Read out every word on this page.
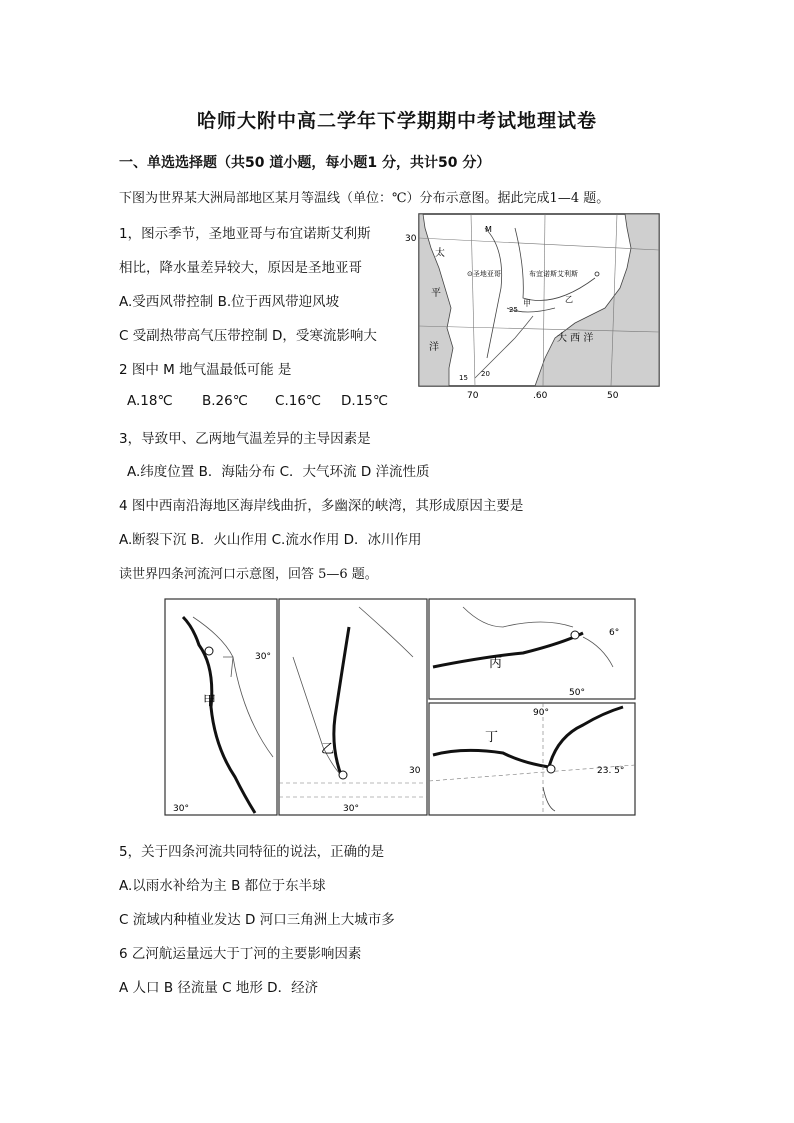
哈师大附中高二学年下学期期中考试地理试卷
一、单选选择题（共50 道小题，每小题1 分，共计50 分）
下图为世界某大洲局部地区某月等温线（单位：℃）分布示意图。据此完成1—4 题。
1，图示季节，圣地亚哥与布宜诺斯艾利斯
相比，降水量差异较大，原因是圣地亚哥
A.受西风带控制 B.位于西风带迎风坡
C 受副热带高气压带控制 D，受寒流影响大
2 图中 M 地气温最低可能 是
A.18℃ B.26℃ C.16℃ D.15℃
3，导致甲、乙两地气温差异的主导因素是
A.纬度位置 B．海陆分布 C．大气环流 D 洋流性质
4 图中西南沿海地区海岸线曲折，多幽深的峡湾，其形成原因主要是
A.断裂下沉 B．火山作用 C.流水作用 D．冰川作用
读世界四条河流河口示意图，回答 5—6 题。
5，关于四条河流共同特征的说法，正确的是
A.以雨水补给为主 B 都位于东半球
C 流域内种植业发达 D 河口三角洲上大城市多
6 乙河航运量远大于丁河的主要影响因素
A 人口 B 径流量 C 地形 D．经济
30
70	.60	50
太
平
洋
大 西 洋
M
⊙圣地亚哥	布宜诺斯艾利斯
甲	乙
25
20
15
甲
30°
30°
乙
30
30°
丙
6°
50°
丁
90°
23. 5°
